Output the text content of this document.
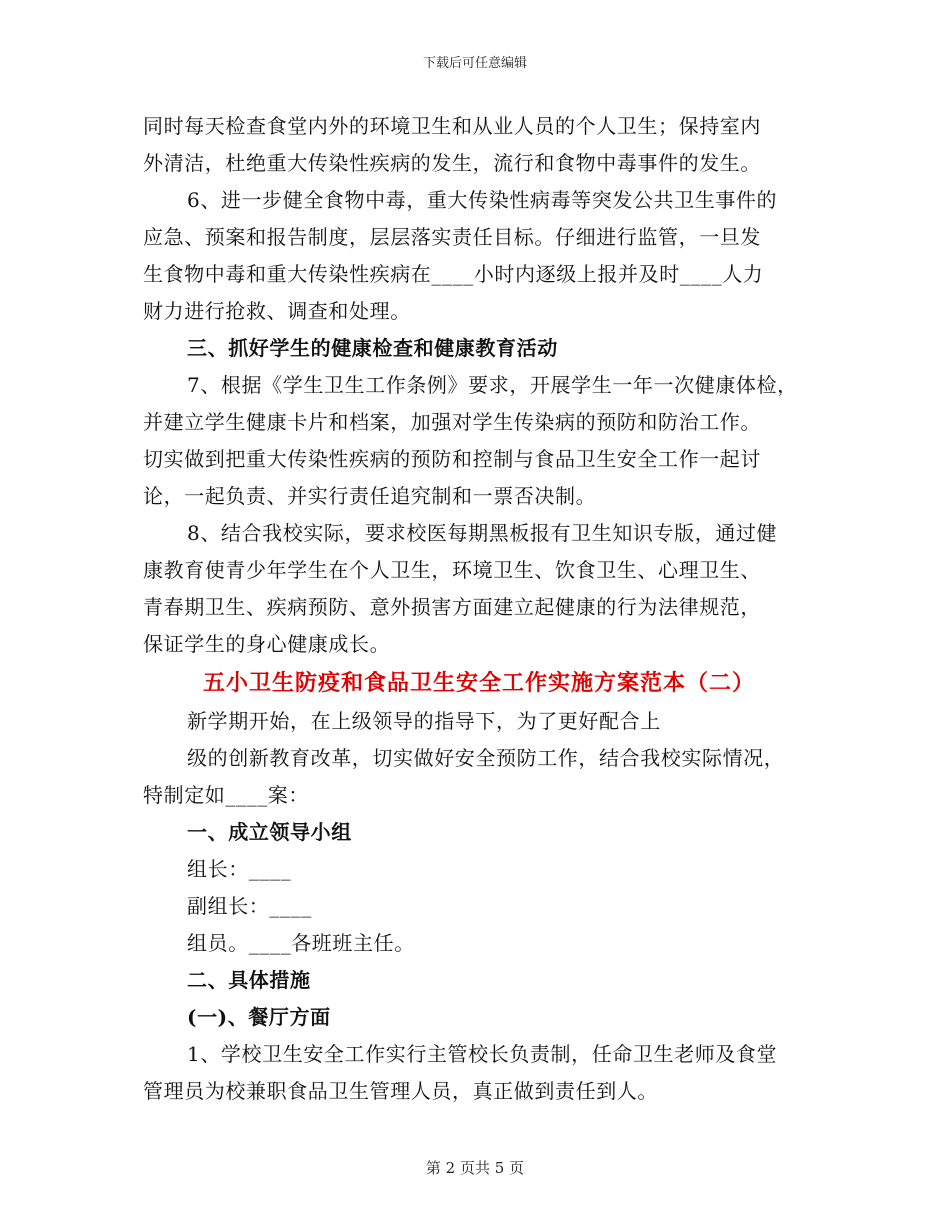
下载后可任意编辑
同时每天检查食堂内外的环境卫生和从业人员的个人卫生；保持室内
外清洁，杜绝重大传染性疾病的发生，流行和食物中毒事件的发生。
6、进一步健全食物中毒，重大传染性病毒等突发公共卫生事件的
应急、预案和报告制度，层层落实责任目标。仔细进行监管，一旦发
生食物中毒和重大传染性疾病在____小时内逐级上报并及时____人力
财力进行抢救、调查和处理。
三、抓好学生的健康检查和健康教育活动
7、根据《学生卫生工作条例》要求，开展学生一年一次健康体检，
并建立学生健康卡片和档案，加强对学生传染病的预防和防治工作。
切实做到把重大传染性疾病的预防和控制与食品卫生安全工作一起讨
论，一起负责、并实行责任追究制和一票否决制。
8、结合我校实际，要求校医每期黑板报有卫生知识专版，通过健
康教育使青少年学生在个人卫生，环境卫生、饮食卫生、心理卫生、
青春期卫生、疾病预防、意外损害方面建立起健康的行为法律规范，
保证学生的身心健康成长。
五小卫生防疫和食品卫生安全工作实施方案范本（二）
新学期开始，在上级领导的指导下，为了更好配合上
级的创新教育改革，切实做好安全预防工作，结合我校实际情况，
特制定如____案：
一、成立领导小组
组长：____
副组长：____
组员。____各班班主任。
二、具体措施
(一)、餐厅方面
1、学校卫生安全工作实行主管校长负责制，任命卫生老师及食堂
管理员为校兼职食品卫生管理人员，真正做到责任到人。
第 2 页共 5 页
